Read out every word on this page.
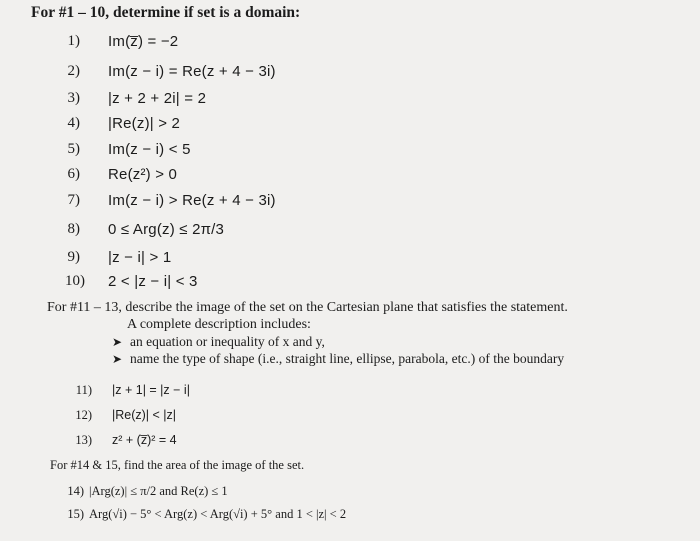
For #1 – 10, determine if set is a domain:
1) Im(z̅) = −2
2) Im(z − i) = Re(z + 4 − 3i)
3) |z + 2 + 2i| = 2
4) |Re(z)| > 2
5) Im(z − i) < 5
6) Re(z²) > 0
7) Im(z − i) > Re(z + 4 − 3i)
8) 0 ≤ Arg(z) ≤ 2π/3
9) |z − i| > 1
10) 2 < |z − i| < 3
For #11 – 13, describe the image of the set on the Cartesian plane that satisfies the statement.
A complete description includes:
➤ an equation or inequality of x and y,
➤ name the type of shape (i.e., straight line, ellipse, parabola, etc.) of the boundary
11) |z + 1| = |z − i|
12) |Re(z)| < |z|
13) z² + (z̅)² = 4
For #14 & 15, find the area of the image of the set.
14) |Arg(z)| ≤ π/2 and Re(z) ≤ 1
15) Arg(√i) − 5° < Arg(z) < Arg(√i) + 5° and 1 < |z| < 2
